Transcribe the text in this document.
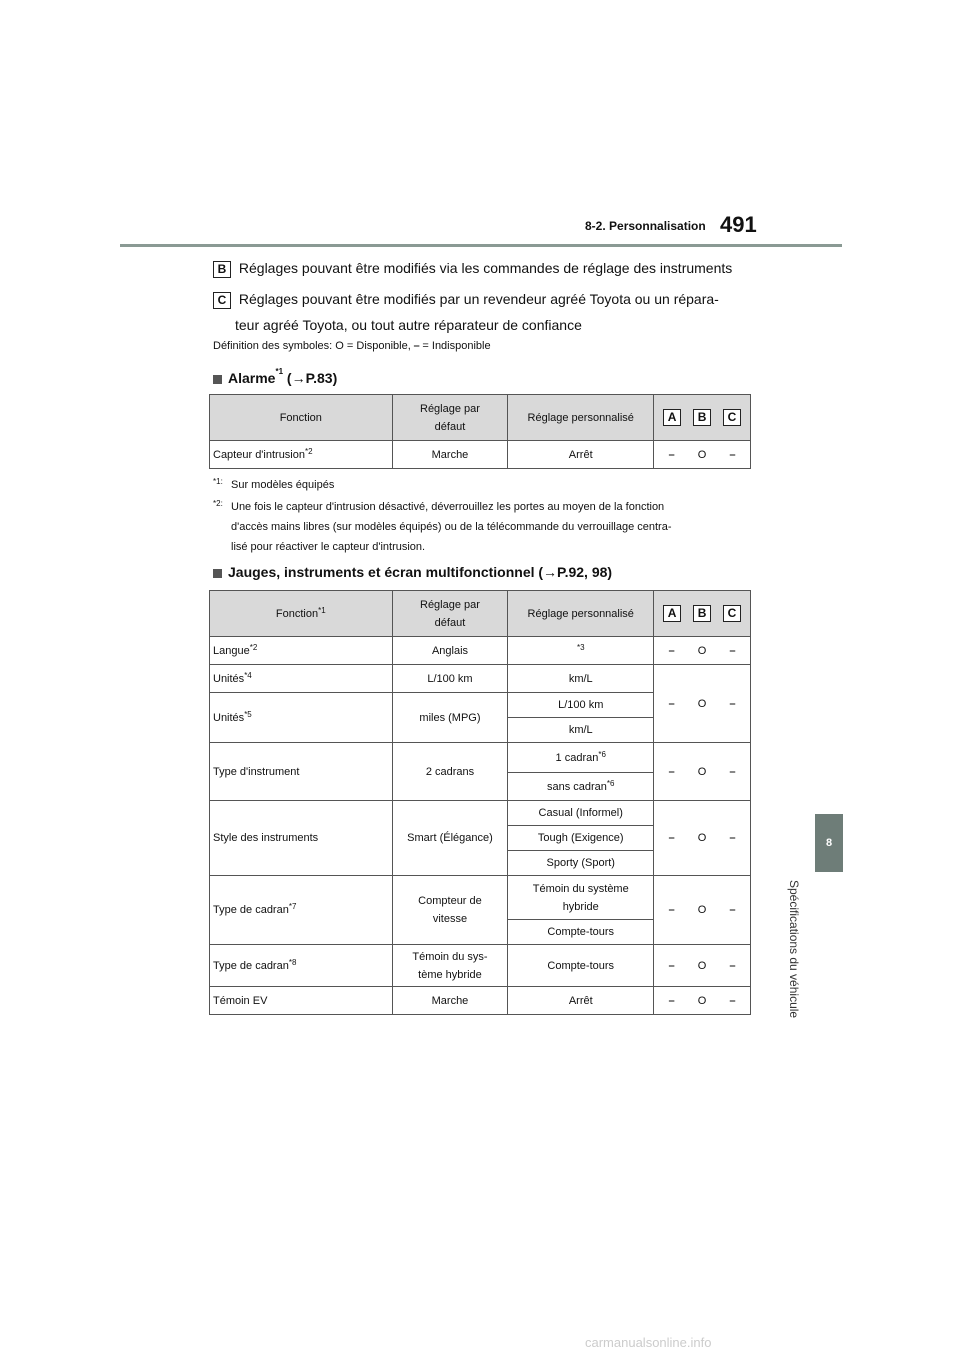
8-2. Personnalisation 491
8
Spécifications du véhicule
B Réglages pouvant être modifiés via les commandes de réglage des instruments
C Réglages pouvant être modifiés par un revendeur agréé Toyota ou un répara-
teur agréé Toyota, ou tout autre réparateur de confiance
Définition des symboles: O = Disponible, ⎯ = Indisponible
Alarme$^{*1}$ (→P.83)
Fonction	Réglage par
défaut	Réglage personnalisé	A B C

Capteur d'intrusion$^{*2}$	Marche	Arrêt	⎯ O ⎯
$^{*1:}$ Sur modèles équipés
$^{*2:}$ Une fois le capteur d'intrusion désactivé, déverrouillez les portes au moyen de la fonction

d'accès mains libres (sur modèles équipés) ou de la télécommande du verrouillage centra-
lisé pour réactiver le capteur d'intrusion.
Jauges, instruments et écran multifonctionnel (→P.92, 98)
Fonction$^{*1}$	Réglage par
défaut	Réglage personnalisé	A B C

Langue$^{*2}$	Anglais	$^{*3}$	⎯ O ⎯

Unités$^{*4}$	L/100 km	km/L	⎯ O ⎯

Unités$^{*5}$	miles (MPG)	L/100 km	
		km/L	
Type d'instrument	2 cadrans	1 cadran$^{*6}$	⎯ O ⎯

		sans cadran$^{*6}$
Style des instruments	Smart (Élégance)	Casual (Informel)	⎯ O ⎯

		Tough (Exigence)	
		Sporty (Sport)	
Type de cadran$^{*7}$	Compteur de
vitesse	Témoin du système
hybride	⎯ O ⎯

		Compte-tours	
Type de cadran$^{*8}$	Témoin du sys-
tème hybride	Compte-tours	⎯ O ⎯

Témoin EV	Marche	Arrêt	⎯ O ⎯
carmanualsonline.info
